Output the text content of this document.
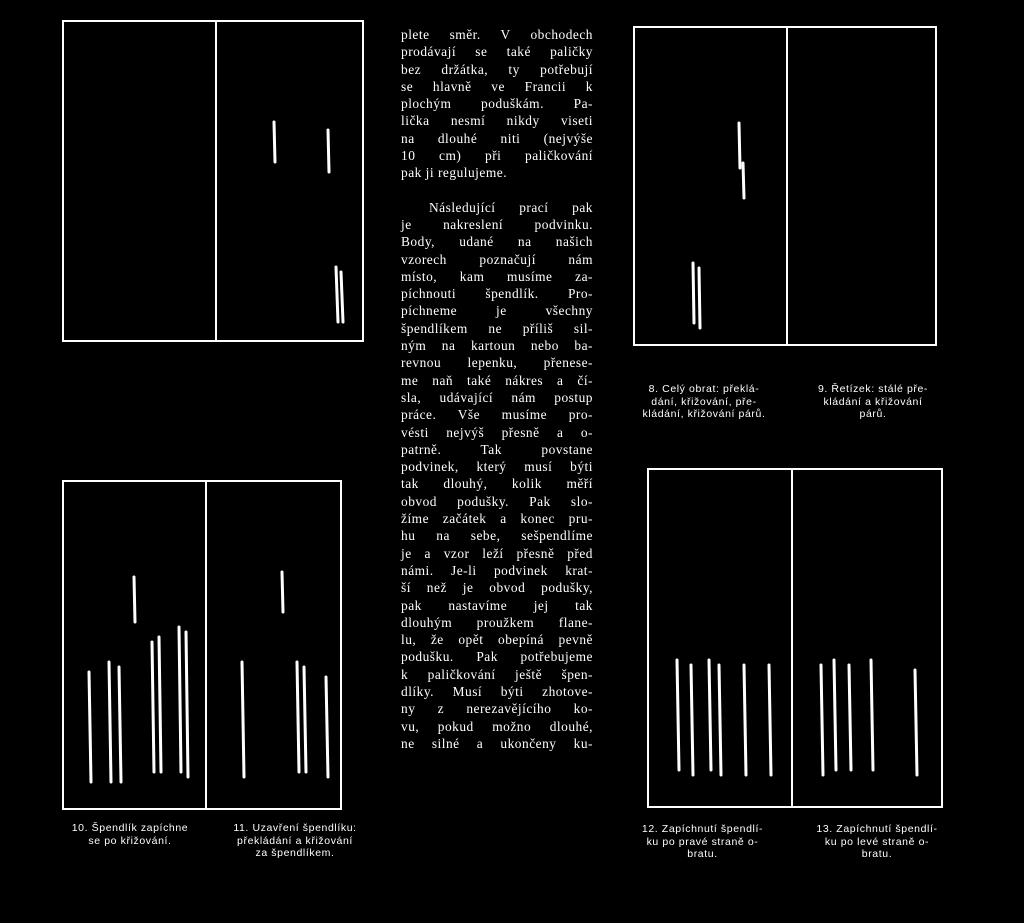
8. Celý obrat: překlá-
dání, křižování, pře-
kládání, křižování párů.
9. Řetízek: stálé pře-
kládání a křižování
párů.
10. Špendlík zapíchne
se po křižování.
11. Uzavření špendlíku:
překládání a křižování
za špendlíkem.
12. Zapíchnutí špendlí-
ku po pravé straně o-
bratu.
13. Zapíchnutí špendlí-
ku po levé straně o-
bratu.
plete směr. V obchodech
prodávají se také paličky
bez držátka, ty potřebují
se hlavně ve Francii k
plochým poduškám. Pa-
lička nesmí nikdy viseti
na dlouhé niti (nejvýše
10 cm) při paličkování
pak ji regulujeme.
Následující prací pak
je nakreslení podvinku.
Body, udané na našich
vzorech poznačují nám
místo, kam musíme za-
píchnouti špendlík. Pro-
píchneme je všechny
špendlíkem ne příliš sil-
ným na kartoun nebo ba-
revnou lepenku, přenese-
me naň také nákres a čí-
sla, udávající nám postup
práce. Vše musíme pro-
vésti nejvýš přesně a o-
patrně. Tak povstane
podvinek, který musí býti
tak dlouhý, kolik měří
obvod podušky. Pak slo-
žíme začátek a konec pru-
hu na sebe, sešpendlíme
je a vzor leží přesně před
námi. Je-li podvinek krat-
ší než je obvod podušky,
pak nastavíme jej tak
dlouhým proužkem flane-
lu, že opět obepíná pevně
podušku. Pak potřebujeme
k paličkování ještě špen-
dlíky. Musí býti zhotove-
ny z nerezavějícího ko-
vu, pokud možno dlouhé,
ne silné a ukončeny ku-
